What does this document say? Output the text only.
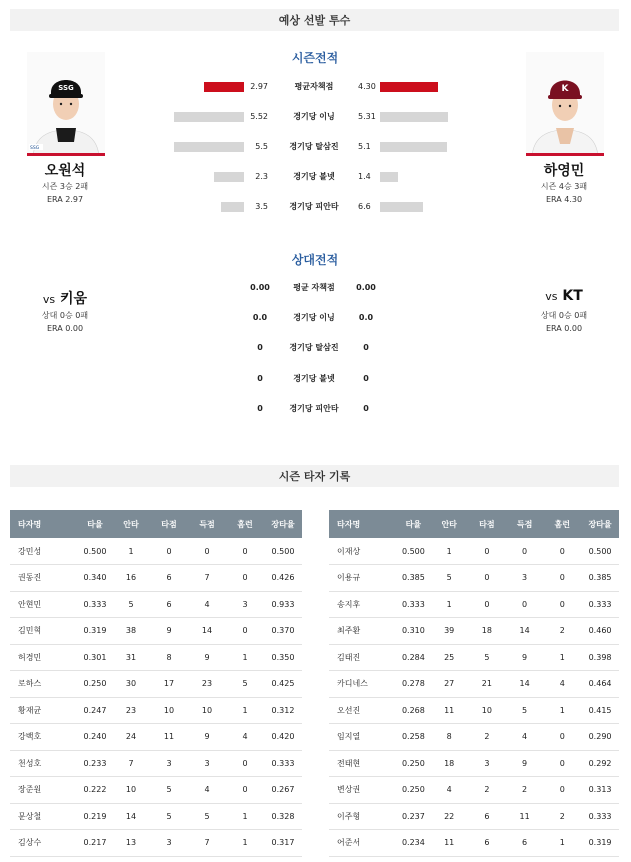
예상 선발 투수
시즌전적
SSG
SSG
K
오원석
시즌 3승 2패
ERA 2.97
하영민
시즌 4승 3패
ERA 4.30
2.97	평균자책점	4.30
5.52	경기당 이닝	5.31
5.5	경기당 탈삼진	5.1
2.3	경기당 볼넷	1.4
3.5	경기당 피안타	6.6
상대전적
vs 키움
상대 0승 0패
ERA 0.00
vs KT
상대 0승 0패
ERA 0.00
0.00	평균 자책점	0.00
0.0	경기당 이닝	0.0
0	경기당 탈삼진	0
0	경기당 볼넷	0
0	경기당 피안타	0
시즌 타자 기록
타자명	타율	안타	타점	득점	홈런	장타율
강민성	0.500	1	0	0	0	0.500
권동진	0.340	16	6	7	0	0.426
안현민	0.333	5	6	4	3	0.933
김민혁	0.319	38	9	14	0	0.370
허경민	0.301	31	8	9	1	0.350
로하스	0.250	30	17	23	5	0.425
황재균	0.247	23	10	10	1	0.312
강백호	0.240	24	11	9	4	0.420
천성호	0.233	7	3	3	0	0.333
장준원	0.222	10	5	4	0	0.267
문상철	0.219	14	5	5	1	0.328
김상수	0.217	13	3	7	1	0.317
타자명	타율	안타	타점	득점	홈런	장타율
이재상	0.500	1	0	0	0	0.500
이용규	0.385	5	0	3	0	0.385
송지후	0.333	1	0	0	0	0.333
최주환	0.310	39	18	14	2	0.460
김태진	0.284	25	5	9	1	0.398
카디네스	0.278	27	21	14	4	0.464
오선진	0.268	11	10	5	1	0.415
임지열	0.258	8	2	4	0	0.290
전태현	0.250	18	3	9	0	0.292
변상권	0.250	4	2	2	0	0.313
이주형	0.237	22	6	11	2	0.333
어준서	0.234	11	6	6	1	0.319
